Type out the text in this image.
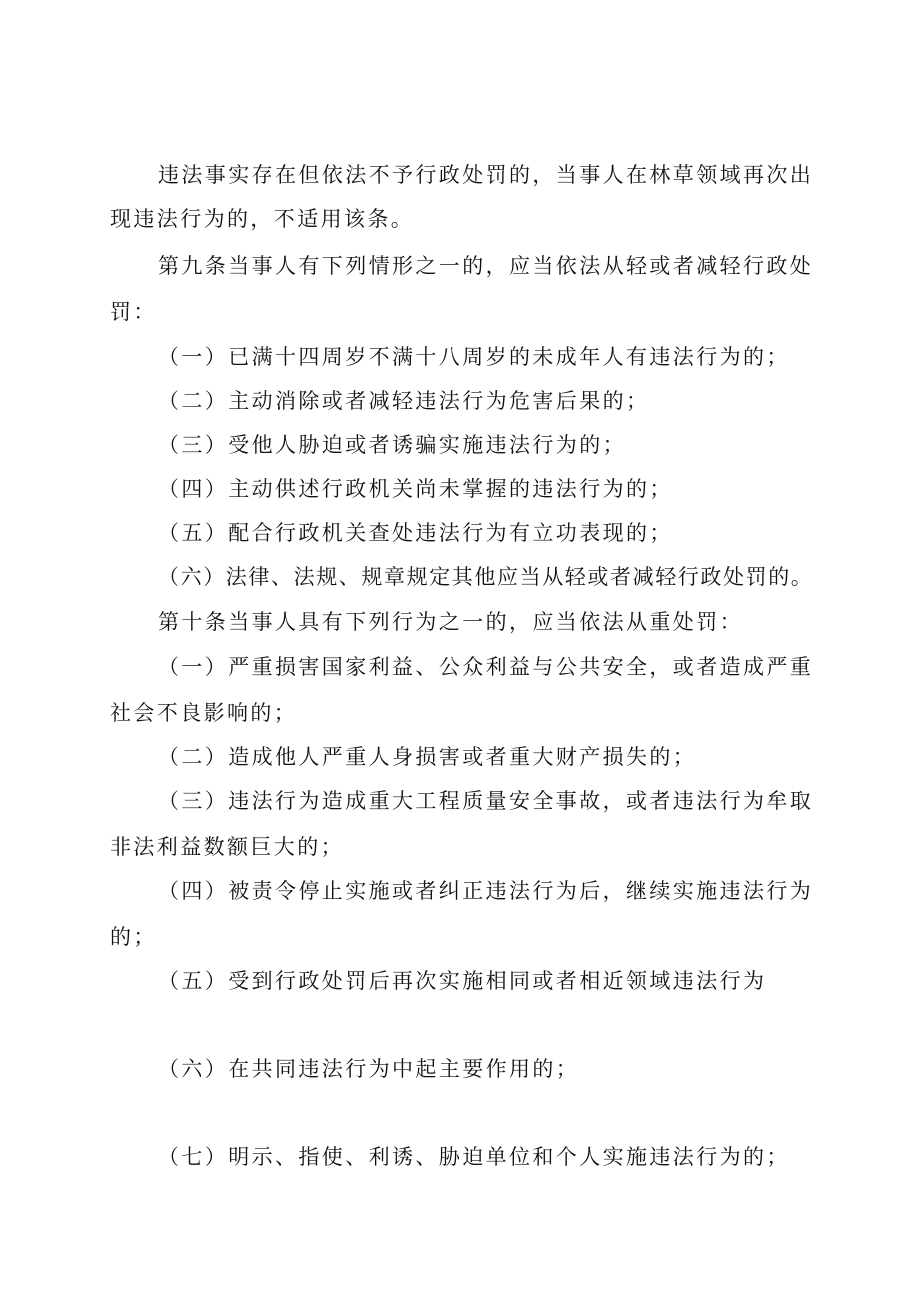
违法事实存在但依法不予行政处罚的，当事人在林草领域再次出
现违法行为的，不适用该条。
第九条当事人有下列情形之一的，应当依法从轻或者减轻行政处
罚：
（一）已满十四周岁不满十八周岁的未成年人有违法行为的；
（二）主动消除或者减轻违法行为危害后果的；
（三）受他人胁迫或者诱骗实施违法行为的；
（四）主动供述行政机关尚未掌握的违法行为的；
（五）配合行政机关查处违法行为有立功表现的；
（六）法律、法规、规章规定其他应当从轻或者减轻行政处罚的。
第十条当事人具有下列行为之一的，应当依法从重处罚：
（一）严重损害国家利益、公众利益与公共安全，或者造成严重
社会不良影响的；
（二）造成他人严重人身损害或者重大财产损失的；
（三）违法行为造成重大工程质量安全事故，或者违法行为牟取
非法利益数额巨大的；
（四）被责令停止实施或者纠正违法行为后，继续实施违法行为
的；
（五）受到行政处罚后再次实施相同或者相近领域违法行为
（六）在共同违法行为中起主要作用的；
（七）明示、指使、利诱、胁迫单位和个人实施违法行为的；
